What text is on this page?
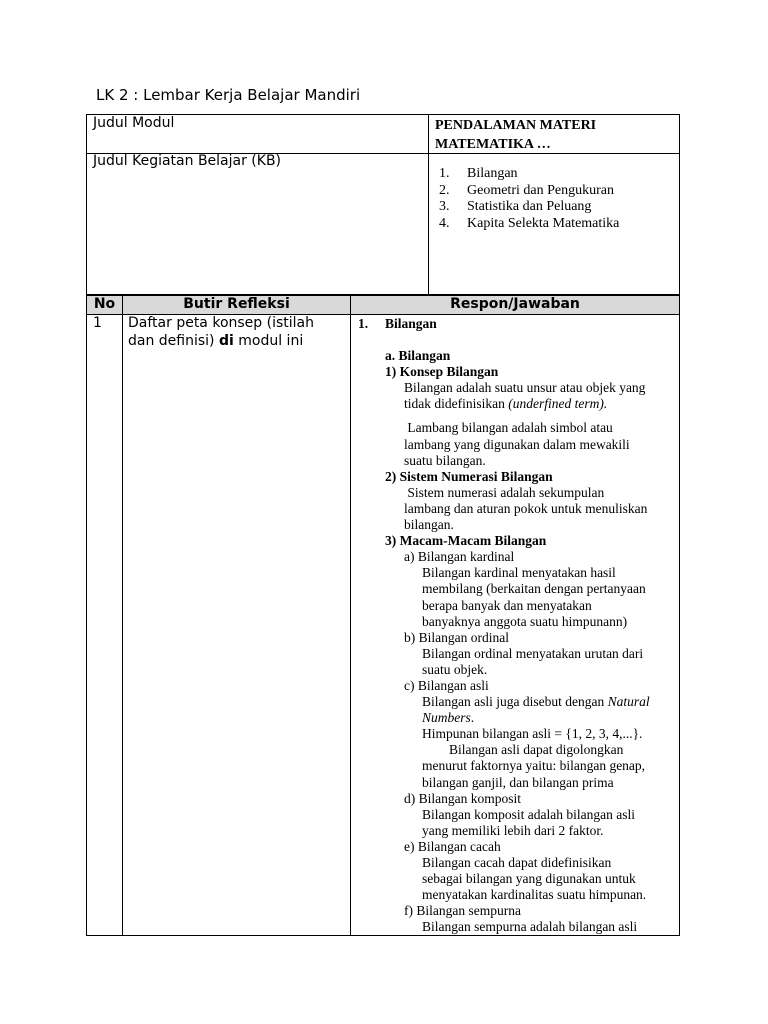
LK 2 : Lembar Kerja Belajar Mandiri
Judul Modul	PENDALAMAN MATERI
MATEMATIKA …
Judul Kegiatan Belajar (KB)
1.	Bilangan
2.	Geometri dan Pengukuran
3.	Statistika dan Peluang
4.	Kapita Selekta Matematika
No	Butir Refleksi	Respon/Jawaban
1 Daftar peta konsep (istilah
dan definisi) di modul ini

1. Bilangan

a. Bilangan

1) Konsep Bilangan

Bilangan adalah suatu unsur atau objek yang

tidak didefinisikan (underfined term).

Lambang bilangan adalah simbol atau

lambang yang digunakan dalam mewakili

suatu bilangan.

2) Sistem Numerasi Bilangan

Sistem numerasi adalah sekumpulan

lambang dan aturan pokok untuk menuliskan

bilangan.

3) Macam-Macam Bilangan

a) Bilangan kardinal

Bilangan kardinal menyatakan hasil

membilang (berkaitan dengan pertanyaan

berapa banyak dan menyatakan

banyaknya anggota suatu himpunann)

b) Bilangan ordinal

Bilangan ordinal menyatakan urutan dari

suatu objek.

c) Bilangan asli

Bilangan asli juga disebut dengan Natural

Numbers.

Himpunan bilangan asli = {1, 2, 3, 4,...}.

Bilangan asli dapat digolongkan

menurut faktornya yaitu: bilangan genap,

bilangan ganjil, dan bilangan prima

d) Bilangan komposit

Bilangan komposit adalah bilangan asli

yang memiliki lebih dari 2 faktor.

e) Bilangan cacah

Bilangan cacah dapat didefinisikan

sebagai bilangan yang digunakan untuk

menyatakan kardinalitas suatu himpunan.

f) Bilangan sempurna

Bilangan sempurna adalah bilangan asli
